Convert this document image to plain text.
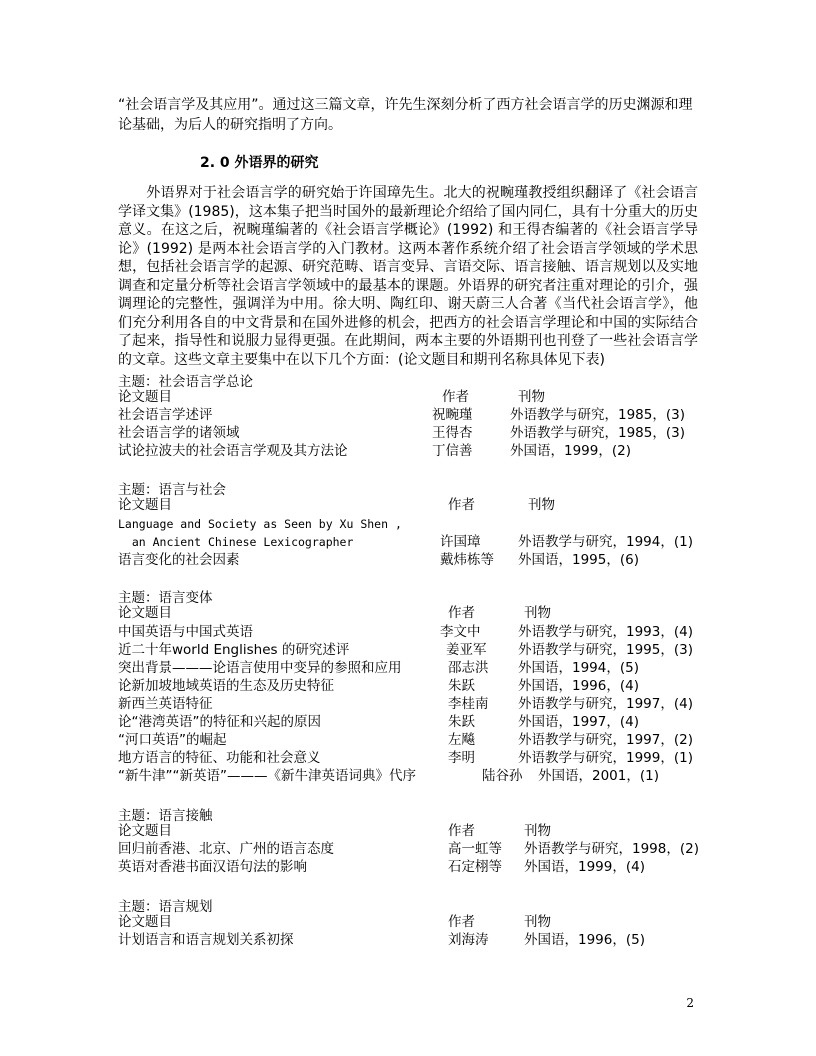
“社会语言学及其应用”。通过这三篇文章，许先生深刻分析了西方社会语言学的历史渊源和理
论基础，为后人的研究指明了方向。
2. 0 外语界的研究
　　外语界对于社会语言学的研究始于许国璋先生。北大的祝畹瑾教授组织翻译了《社会语言学译文集》(1985)，这本集子把当时国外的最新理论介绍给了国内同仁，具有十分重大的历史意义。在这之后，祝畹瑾编著的《社会语言学概论》(1992) 和王得杏编著的《社会语言学导论》(1992) 是两本社会语言学的入门教材。这两本著作系统介绍了社会语言学领域的学术思想，包括社会语言学的起源、研究范畴、语言变异、言语交际、语言接触、语言规划以及实地调查和定量分析等社会语言学领域中的最基本的课题。外语界的研究者注重对理论的引介，强调理论的完整性，强调洋为中用。徐大明、陶红印、谢天蔚三人合著《当代社会语言学》，他们充分利用各自的中文背景和在国外进修的机会，把西方的社会语言学理论和中国的实际结合了起来，指导性和说服力显得更强。在此期间，两本主要的外语期刊也刊登了一些社会语言学的文章。这些文章主要集中在以下几个方面：(论文题目和期刊名称具体见下表)
主题：社会语言学总论
论文题目	作者	刊物
社会语言学述评	祝畹瑾	外语教学与研究，1985，(3)
社会语言学的诸领域	王得杏	外语教学与研究，1985，(3)
试论拉波夫的社会语言学观及其方法论	丁信善	外国语，1999，(2)
主题：语言与社会
论文题目	作者	刊物
Language and Society as Seen by Xu Shen ,
an Ancient Chinese Lexicographer	许国璋	外语教学与研究，1994，(1)
语言变化的社会因素	戴炜栋等 外国语，1995，(6)
主题：语言变体
论文题目	作者	刊物
中国英语与中国式英语	李文中	外语教学与研究，1993，(4)
近二十年world Englishes 的研究述评	姜亚军 外语教学与研究，1995，(3)
突出背景———论语言使用中变异的参照和应用	邵志洪 外国语，1994，(5)
论新加坡地域英语的生态及历史特征	朱跃	外国语，1996，(4)
新西兰英语特征	李桂南 外语教学与研究，1997，(4)
论“港湾英语”的特征和兴起的原因	朱跃	外国语，1997，(4)
“河口英语”的崛起	左飚	外语教学与研究，1997，(2)
地方语言的特征、功能和社会意义	李明	外语教学与研究，1999，(1)
“新牛津”“新英语”———《新牛津英语词典》代序	陆谷孙 外国语，2001，(1)
主题：语言接触
论文题目	作者	刊物
回归前香港、北京、广州的语言态度	高一虹等 外语教学与研究，1998，(2)
英语对香港书面汉语句法的影响	石定栩等 外国语，1999，(4)
主题：语言规划
论文题目	作者	刊物
计划语言和语言规划关系初探	刘海涛	外国语，1996，(5)
2
